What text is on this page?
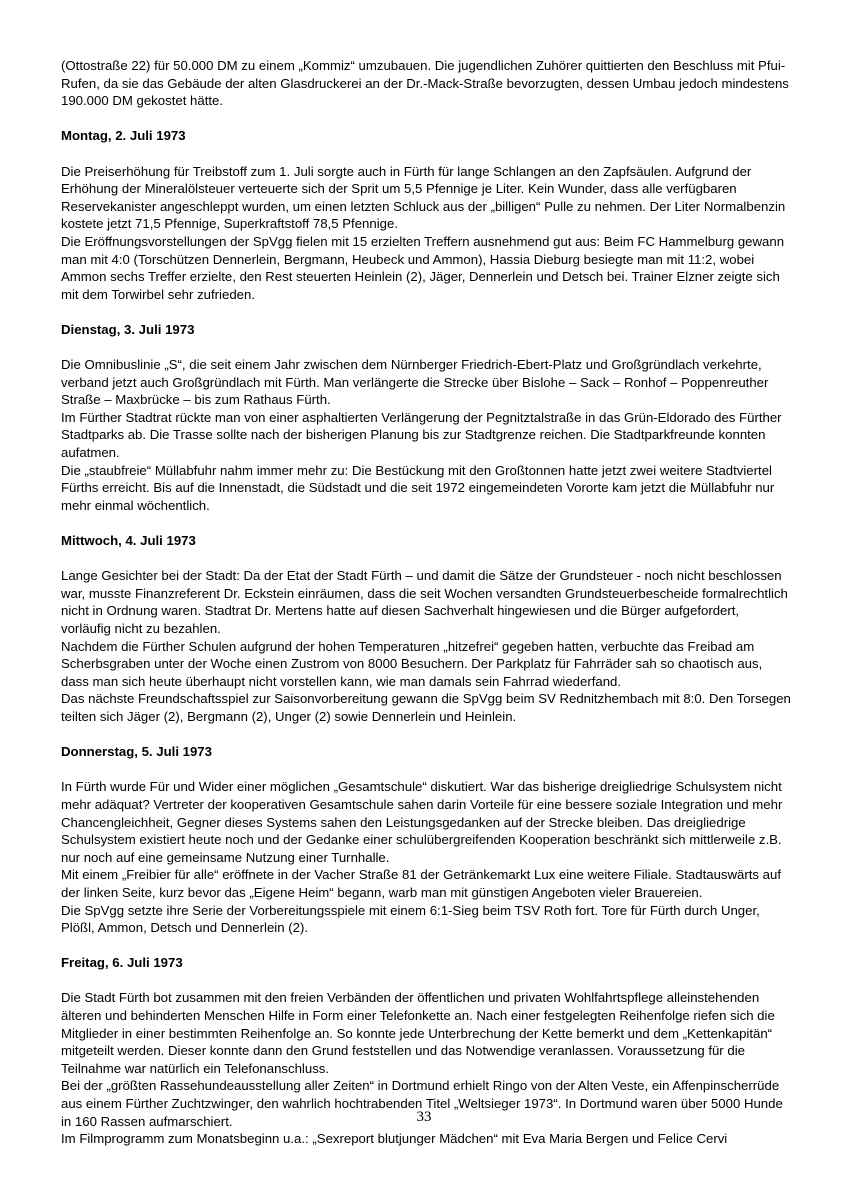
(Ottostraße 22) für 50.000 DM zu einem „Kommiz“ umzubauen. Die jugendlichen Zuhörer quittierten den Beschluss mit Pfui-Rufen, da sie das Gebäude der alten Glasdruckerei an der Dr.-Mack-Straße bevorzugten, dessen Umbau jedoch mindestens 190.000 DM gekostet hätte.

Montag, 2. Juli 1973

Die Preiserhöhung für Treibstoff zum 1. Juli sorgte auch in Fürth für lange Schlangen an den Zapfsäulen. Aufgrund der Erhöhung der Mineralölsteuer verteuerte sich der Sprit um 5,5 Pfennige je Liter. Kein Wunder, dass alle verfügbaren Reservekanister angeschleppt wurden, um einen letzten Schluck aus der „billigen“ Pulle zu nehmen. Der Liter Normalbenzin kostete jetzt 71,5 Pfennige, Superkraftstoff 78,5 Pfennige.

Die Eröffnungsvorstellungen der SpVgg fielen mit 15 erzielten Treffern ausnehmend gut aus: Beim FC Hammelburg gewann man mit 4:0 (Torschützen Dennerlein, Bergmann, Heubeck und Ammon), Hassia Dieburg besiegte man mit 11:2, wobei Ammon sechs Treffer erzielte, den Rest steuerten Heinlein (2), Jäger, Dennerlein und Detsch bei. Trainer Elzner zeigte sich mit dem Torwirbel sehr zufrieden.

Dienstag, 3. Juli 1973

Die Omnibuslinie „S“, die seit einem Jahr zwischen dem Nürnberger Friedrich-Ebert-Platz und Großgründlach verkehrte, verband jetzt auch Großgründlach mit Fürth. Man verlängerte die Strecke über Bislohe – Sack – Ronhof – Poppenreuther Straße – Maxbrücke – bis zum Rathaus Fürth.

Im Fürther Stadtrat rückte man von einer asphaltierten Verlängerung der Pegnitztalstraße in das Grün-Eldorado des Fürther Stadtparks ab. Die Trasse sollte nach der bisherigen Planung bis zur Stadtgrenze reichen. Die Stadtparkfreunde konnten aufatmen.

Die „staubfreie“ Müllabfuhr nahm immer mehr zu: Die Bestückung mit den Großtonnen hatte jetzt zwei weitere Stadtviertel Fürths erreicht. Bis auf die Innenstadt, die Südstadt und die seit 1972 eingemeindeten Vororte kam jetzt die Müllabfuhr nur mehr einmal wöchentlich.

Mittwoch, 4. Juli 1973

Lange Gesichter bei der Stadt: Da der Etat der Stadt Fürth – und damit die Sätze der Grundsteuer - noch nicht beschlossen war, musste Finanzreferent Dr. Eckstein einräumen, dass die seit Wochen versandten Grundsteuerbescheide formalrechtlich nicht in Ordnung waren. Stadtrat Dr. Mertens hatte auf diesen Sachverhalt hingewiesen und die Bürger aufgefordert, vorläufig nicht zu bezahlen.

Nachdem die Fürther Schulen aufgrund der hohen Temperaturen „hitzefrei“ gegeben hatten, verbuchte das Freibad am Scherbsgraben unter der Woche einen Zustrom von 8000 Besuchern. Der Parkplatz für Fahrräder sah so chaotisch aus, dass man sich heute überhaupt nicht vorstellen kann, wie man damals sein Fahrrad wiederfand.

Das nächste Freundschaftsspiel zur Saisonvorbereitung gewann die SpVgg beim SV Rednitzhembach mit 8:0. Den Torsegen teilten sich Jäger (2), Bergmann (2), Unger (2) sowie Dennerlein und Heinlein.

Donnerstag, 5. Juli 1973

In Fürth wurde Für und Wider einer möglichen „Gesamtschule“ diskutiert. War das bisherige dreigliedrige Schulsystem nicht mehr adäquat? Vertreter der kooperativen Gesamtschule sahen darin Vorteile für eine bessere soziale Integration und mehr Chancengleichheit, Gegner dieses Systems sahen den Leistungsgedanken auf der Strecke bleiben. Das dreigliedrige Schulsystem existiert heute noch und der Gedanke einer schulübergreifenden Kooperation beschränkt sich mittlerweile z.B. nur noch auf eine gemeinsame Nutzung einer Turnhalle.

Mit einem „Freibier für alle“ eröffnete in der Vacher Straße 81 der Getränkemarkt Lux eine weitere Filiale. Stadtauswärts auf der linken Seite, kurz bevor das „Eigene Heim“ begann, warb man mit günstigen Angeboten vieler Brauereien.

Die SpVgg setzte ihre Serie der Vorbereitungsspiele mit einem 6:1-Sieg beim TSV Roth fort. Tore für Fürth durch Unger, Plößl, Ammon, Detsch und Dennerlein (2).

Freitag, 6. Juli 1973

Die Stadt Fürth bot zusammen mit den freien Verbänden der öffentlichen und privaten Wohlfahrtspflege alleinstehenden älteren und behinderten Menschen Hilfe in Form einer Telefonkette an. Nach einer festgelegten Reihenfolge riefen sich die Mitglieder in einer bestimmten Reihenfolge an. So konnte jede Unterbrechung der Kette bemerkt und dem „Kettenkapitän“ mitgeteilt werden. Dieser konnte dann den Grund feststellen und das Notwendige veranlassen. Voraussetzung für die Teilnahme war natürlich ein Telefonanschluss.

Bei der „größten Rassehundeausstellung aller Zeiten“ in Dortmund erhielt Ringo von der Alten Veste, ein Affenpinscherrüde aus einem Fürther Zuchtzwinger, den wahrlich hochtrabenden Titel „Weltsieger 1973“. In Dortmund waren über 5000 Hunde in 160 Rassen aufmarschiert.

Im Filmprogramm zum Monatsbeginn u.a.: „Sexreport blutjunger Mädchen“ mit Eva Maria Bergen und Felice Cervi

33
